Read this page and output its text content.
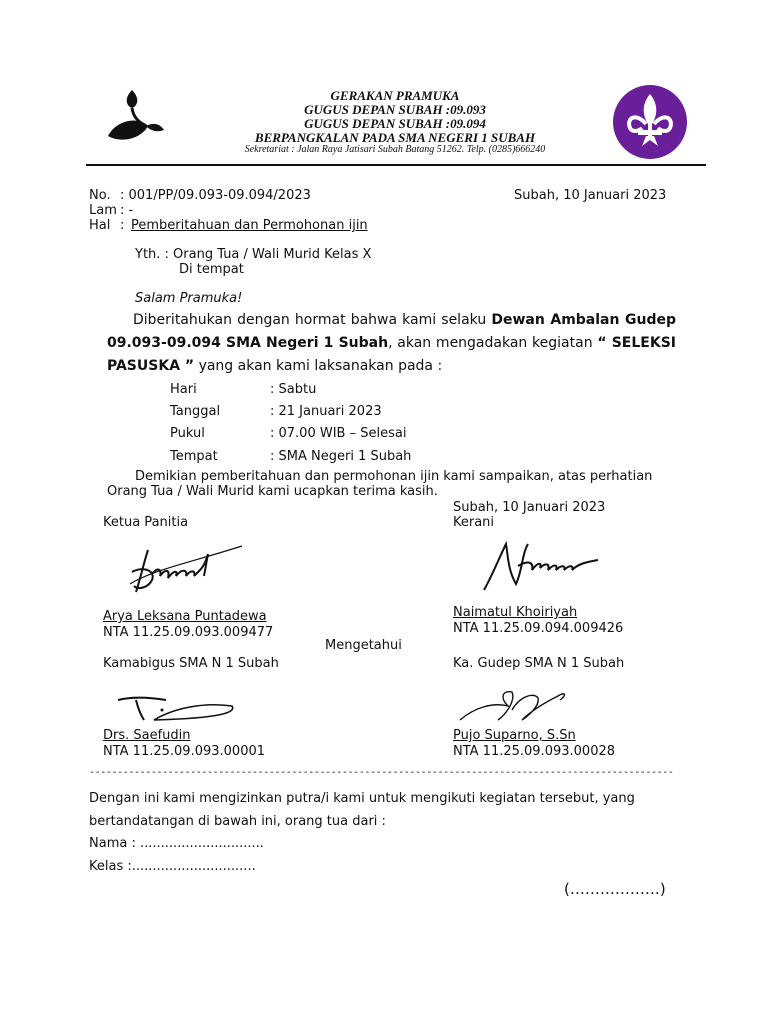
GERAKAN PRAMUKA
GUGUS DEPAN SUBAH :09.093
GUGUS DEPAN SUBAH :09.094
BERPANGKALAN PADA SMA NEGERI 1 SUBAH
Sekretariat : Jalan Raya Jatisari Subah Batang 51262. Telp. (0285)666240
No. : 001/PP/09.093-09.094/2023	Subah, 10 Januari 2023
Lam : -
Hal : Pemberitahuan dan Permohonan ijin
Yth. : Orang Tua / Wali Murid Kelas X
Di tempat
Salam Pramuka!
Diberitahukan dengan hormat bahwa kami selaku Dewan Ambalan Gudep
09.093-09.094 SMA Negeri 1 Subah, akan mengadakan kegiatan “ SELEKSI
PASUSKA ” yang akan kami laksanakan pada :
Hari	: Sabtu
Tanggal	: 21 Januari 2023
Pukul	: 07.00 WIB – Selesai
Tempat	: SMA Negeri 1 Subah
Demikian pemberitahuan dan permohonan ijin kami sampaikan, atas perhatian
Orang Tua / Wali Murid kami ucapkan terima kasih.
Subah, 10 Januari 2023
Ketua Panitia	Kerani
Arya Leksana Puntadewa	Naimatul Khoiriyah
NTA 11.25.09.093.009477	NTA 11.25.09.094.009426
Mengetahui
Kamabigus SMA N 1 Subah	Ka. Gudep SMA N 1 Subah
Drs. Saefudin	Pujo Suparno, S.Sn
NTA 11.25.09.093.00001	NTA 11.25.09.093.00028
--------------------------------------------------------------------------------------------------------
Dengan ini kami mengizinkan putra/i kami untuk mengikuti kegiatan tersebut, yang
bertandatangan di bawah ini, orang tua dari :
Nama : ..............................
Kelas :..............................
(………………)
